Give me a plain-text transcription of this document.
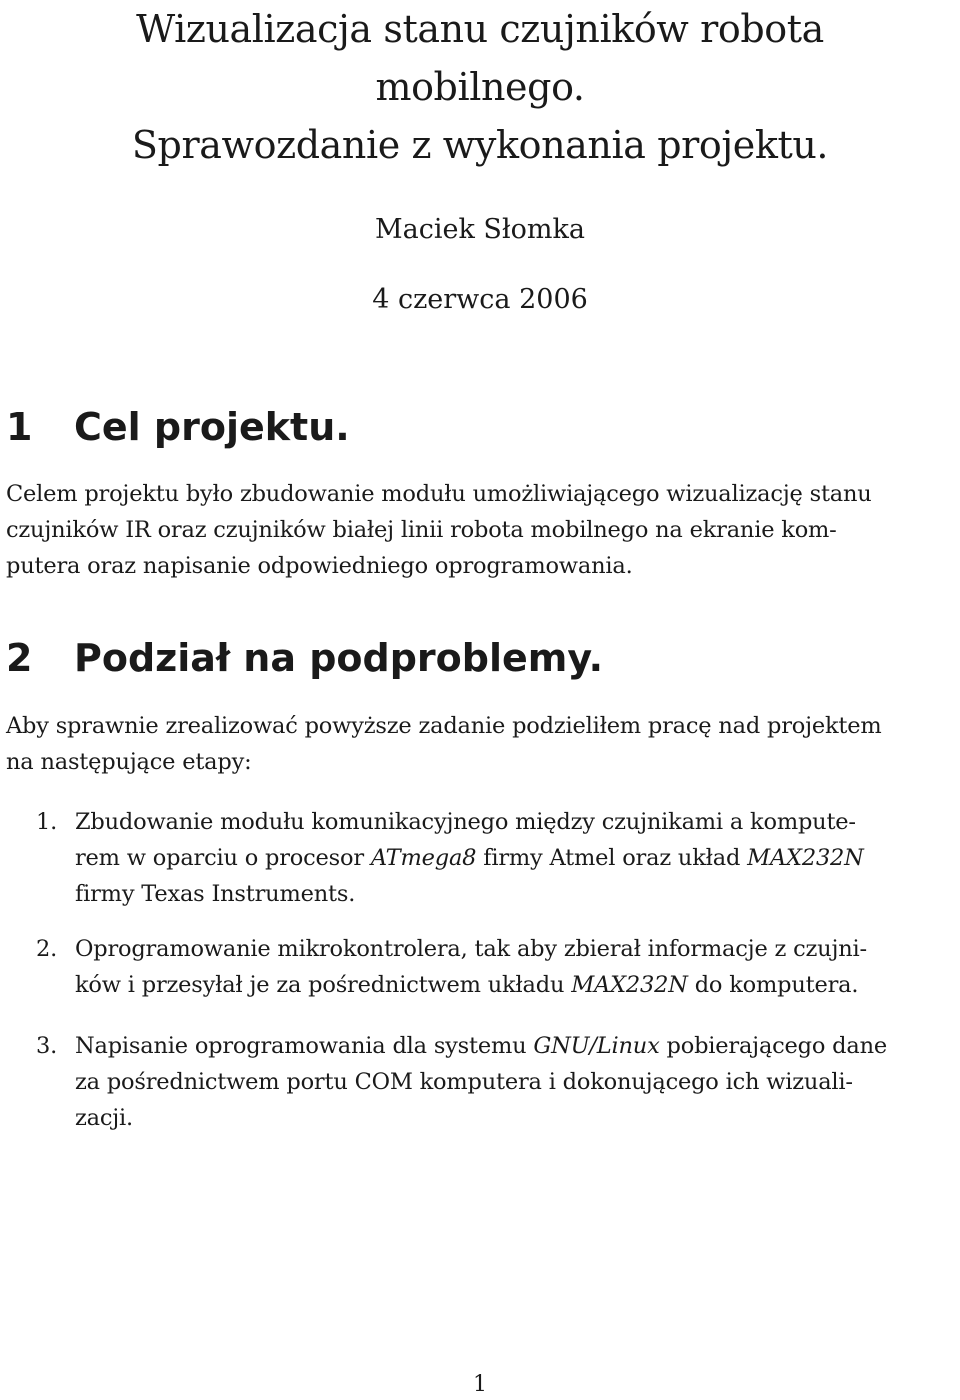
Wizualizacja stanu czujników robota
mobilnego.
Sprawozdanie z wykonania projektu.
Maciek Słomka
4 czerwca 2006
1 Cel projektu.
Celem projektu było zbudowanie modułu umożliwiającego wizualizację stanu
czujników IR oraz czujników białej linii robota mobilnego na ekranie kom-
putera oraz napisanie odpowiedniego oprogramowania.
2 Podział na podproblemy.
Aby sprawnie zrealizować powyższe zadanie podzieliłem pracę nad projektem
na następujące etapy:
1. Zbudowanie modułu komunikacyjnego między czujnikami a kompute-
rem w oparciu o procesor ATmega8 firmy Atmel oraz układ MAX232N
firmy Texas Instruments.
2. Oprogramowanie mikrokontrolera, tak aby zbierał informacje z czujni-
ków i przesyłał je za pośrednictwem układu MAX232N do komputera.
3. Napisanie oprogramowania dla systemu GNU/Linux pobierającego dane
za pośrednictwem portu COM komputera i dokonującego ich wizuali-
zacji.
1
